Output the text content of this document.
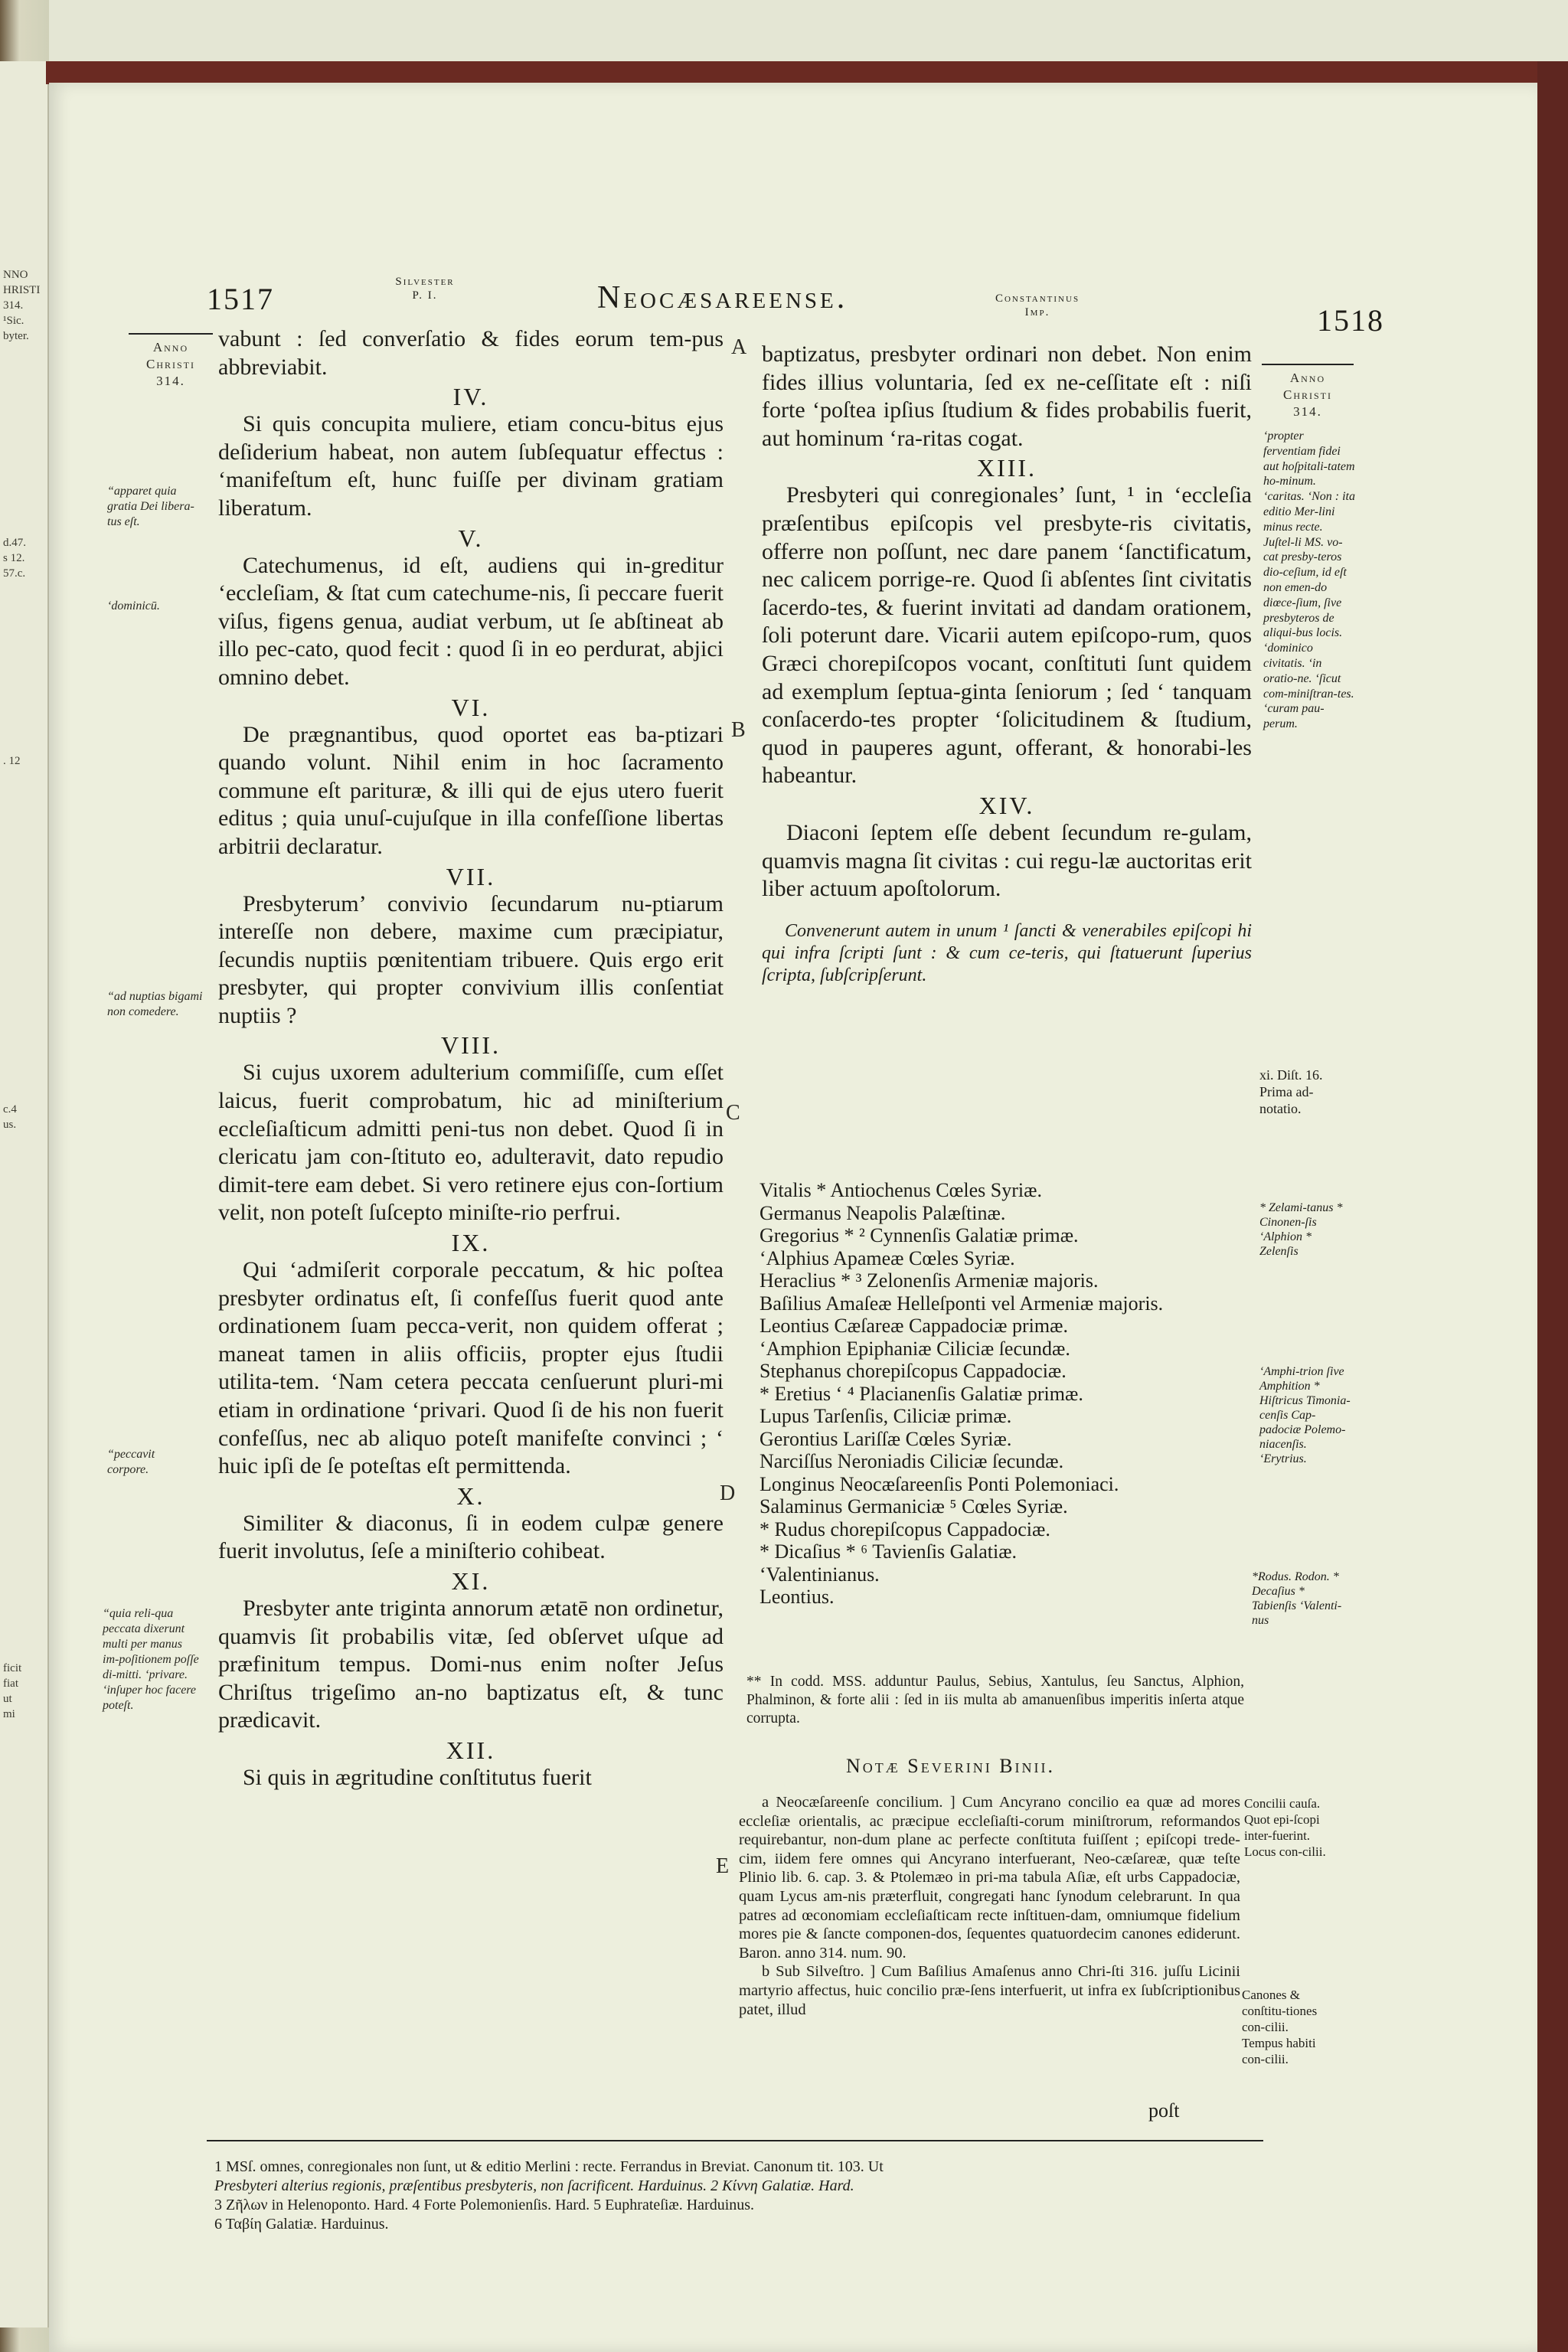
NNO
HRISTI
314.
¹Sic.
byter.
d.47.
s 12.
57.c.
. 12
c.4
us.
ficit
fiat
ut
mi
1517	Silvester
P. I.	Neocæsareense.	Constantinus
Imp.	1518
Anno
Christi
314.	Anno
Christi
314.
“apparet quia gratia Dei libera-tus eſt.
‘dominicū.
“ad nuptias bigami non comedere.
“peccavit corpore.
“quia reli-qua peccata dixerunt multi per manus im-poſitionem poſſe di-mitti. ‘privare. ‘inſuper hoc facere poteſt.
A
B
C
D
E

vabunt : ſed converſatio & fides eorum tem-pus abbreviabit.

IV.

Si quis concupita muliere, etiam concu-bitus ejus deſiderium habeat, non autem ſubſequatur effectus : ‘manifeſtum eſt, hunc fuiſſe per divinam gratiam liberatum.

V.

Catechumenus, id eſt, audiens qui in-greditur ‘eccleſiam, & ſtat cum catechume-nis, ſi peccare fuerit viſus, figens genua, audiat verbum, ut ſe abſtineat ab illo pec-cato, quod fecit : quod ſi in eo perdurat, abjici omnino debet.

VI.

De prægnantibus, quod oportet eas ba-ptizari quando volunt. Nihil enim in hoc ſacramento commune eſt parituræ, & illi qui de ejus utero fuerit editus ; quia unuſ-cujuſque in illa confeſſione libertas arbitrii declaratur.

VII.

Presbyterum’ convivio ſecundarum nu-ptiarum intereſſe non debere, maxime cum præcipiatur, ſecundis nuptiis pœnitentiam tribuere. Quis ergo erit presbyter, qui propter convivium illis conſentiat nuptiis ?

VIII.

Si cujus uxorem adulterium commiſiſſe, cum eſſet laicus, fuerit comprobatum, hic ad miniſterium eccleſiaſticum admitti peni-tus non debet. Quod ſi in clericatu jam con-ſtituto eo, adulteravit, dato repudio dimit-tere eam debet. Si vero retinere ejus con-ſortium velit, non poteſt ſuſcepto miniſte-rio perfrui.

IX.

Qui ‘admiſerit corporale peccatum, & hic poſtea presbyter ordinatus eſt, ſi confeſſus fuerit quod ante ordinationem ſuam pecca-verit, non quidem offerat ; maneat tamen in aliis officiis, propter ejus ſtudii utilita-tem. ‘Nam cetera peccata cenſuerunt pluri-mi etiam in ordinatione ‘privari. Quod ſi de his non fuerit confeſſus, nec ab aliquo poteſt manifeſte convinci ; ‘ huic ipſi de ſe poteſtas eſt permittenda.

X.

Similiter & diaconus, ſi in eodem culpæ genere fuerit involutus, ſeſe a miniſterio cohibeat.

XI.

Presbyter ante triginta annorum ætatē non ordinetur, quamvis ſit probabilis vitæ, ſed obſervet uſque ad præfinitum tempus. Domi-nus enim noſter Jeſus Chriſtus trigeſimo an-no baptizatus eſt, & tunc prædicavit.

XII.

Si quis in ægritudine conſtitutus fuerit

baptizatus, presbyter ordinari non debet. Non enim fides illius voluntaria, ſed ex ne-ceſſitate eſt : niſi forte ‘poſtea ipſius ſtudium & fides probabilis fuerit, aut hominum ‘ra-ritas cogat.

XIII.

Presbyteri qui conregionales’ ſunt, ¹ in ‘eccleſia præſentibus epiſcopis vel presbyte-ris civitatis, offerre non poſſunt, nec dare panem ‘ſanctificatum, nec calicem porrige-re. Quod ſi abſentes ſint civitatis ſacerdo-tes, & fuerint invitati ad dandam orationem, ſoli poterunt dare. Vicarii autem epiſcopo-rum, quos Græci chorepiſcopos vocant, conſtituti ſunt quidem ad exemplum ſeptua-ginta ſeniorum ; ſed ‘ tanquam conſacerdo-tes propter ‘ſolicitudinem & ſtudium, quod in pauperes agunt, offerant, & honorabi-les habeantur.

XIV.

Diaconi ſeptem eſſe debent ſecundum re-gulam, quamvis magna ſit civitas : cui regu-læ auctoritas erit liber actuum apoſtolorum.

Convenerunt autem in unum ¹ ſancti & venerabiles epiſcopi hi qui infra ſcripti ſunt : & cum ce-teris, qui ſtatuerunt ſuperius ſcripta, ſubſcripſerunt.

Vitalis * Antiochenus Cœles Syriæ.
Germanus Neapolis Palæſtinæ.
Gregorius * ² Cynnenſis Galatiæ primæ.
‘Alphius Apameæ Cœles Syriæ.
Heraclius * ³ Zelonenſis Armeniæ majoris.
Baſilius Amaſeæ Helleſponti vel Armeniæ majoris.
Leontius Cæſareæ Cappadociæ primæ.
‘Amphion Epiphaniæ Ciliciæ ſecundæ.
Stephanus chorepiſcopus Cappadociæ.
* Eretius ‘ ⁴ Placianenſis Galatiæ primæ.
Lupus Tarſenſis, Ciliciæ primæ.
Gerontius Lariſſæ Cœles Syriæ.
Narciſſus Neroniadis Ciliciæ ſecundæ.
Longinus Neocæſareenſis Ponti Polemoniaci.
Salaminus Germaniciæ ⁵ Cœles Syriæ.
* Rudus chorepiſcopus Cappadociæ.
* Dicaſius * ⁶ Tavienſis Galatiæ.
‘Valentinianus.
Leontius.
** In codd. MSS. adduntur Paulus, Sebius, Xantulus, ſeu Sanctus, Alphion, Phalminon, & forte alii : ſed in iis multa ab amanuenſibus imperitis inſerta atque corrupta.
Notæ Severini Binii.

a Neocæſareenſe concilium. ] Cum Ancyrano concilio ea quæ ad mores eccleſiæ orientalis, ac præcipue eccleſiaſti-corum miniſtrorum, reformandos requirebantur, non-dum plane ac perfecte conſtituta fuiſſent ; epiſcopi trede-cim, iidem fere omnes qui Ancyrano interfuerant, Neo-cæſareæ, quæ teſte Plinio lib. 6. cap. 3. & Ptolemæo in pri-ma tabula Aſiæ, eſt urbs Cappadociæ, quam Lycus am-nis præterfluit, congregati hanc ſynodum celebrarunt. In qua patres ad œconomiam eccleſiaſticam recte inſtituen-dam, omniumque fidelium mores pie & ſancte componen-dos, ſequentes quatuordecim canones ediderunt. Baron. anno 314. num. 90.

b Sub Silveſtro. ] Cum Baſilius Amaſenus anno Chri-ſti 316. juſſu Licinii martyrio affectus, huic concilio præ-ſens interfuerit, ut infra ex ſubſcriptionibus patet, illud

poſt
‘propter ferventiam fidei aut hoſpitali-tatem ho-minum. ‘caritas. ‘Non : ita editio Mer-lini minus recte. Juſtel-li MS. vo-cat presby-teros dio-ceſium, id eſt non emen-do diœce-ſium, ſive presbyteros de aliqui-bus locis. ‘dominico civitatis. ‘in oratio-ne. ‘ſicut com-miniſtran-tes. ‘curam pau-perum.
xi. Diſt. 16. Prima ad-notatio.
* Zelami-tanus * Cinonen-ſis ‘Alphion * Zelenſis
‘Amphi-trion ſive Amphition * Hiſtricus Timonia-cenſis Cap-padociæ Polemo-niacenſis. ‘Erytrius.
*Rodus. Rodon. * Decaſius * Tabienſis ‘Valenti-nus
Concilii cauſa. Quot epi-ſcopi inter-fuerint. Locus con-cilii.
Canones & conſtitu-tiones con-cilii. Tempus habiti con-cilii.
1 MSſ. omnes, conregionales non ſunt, ut & editio Merlini : recte. Ferrandus in Breviat. Canonum tit. 103. Ut
Presbyteri alterius regionis, præſentibus presbyteris, non ſacrificent. Harduinus. 2 Κίννη Galatiæ. Hard.
3 Ζῆλων in Helenoponto. Hard. 4 Forte Polemonienſis. Hard. 5 Euphrateſiæ. Harduinus.
6 Ταβίη Galatiæ. Harduinus.
